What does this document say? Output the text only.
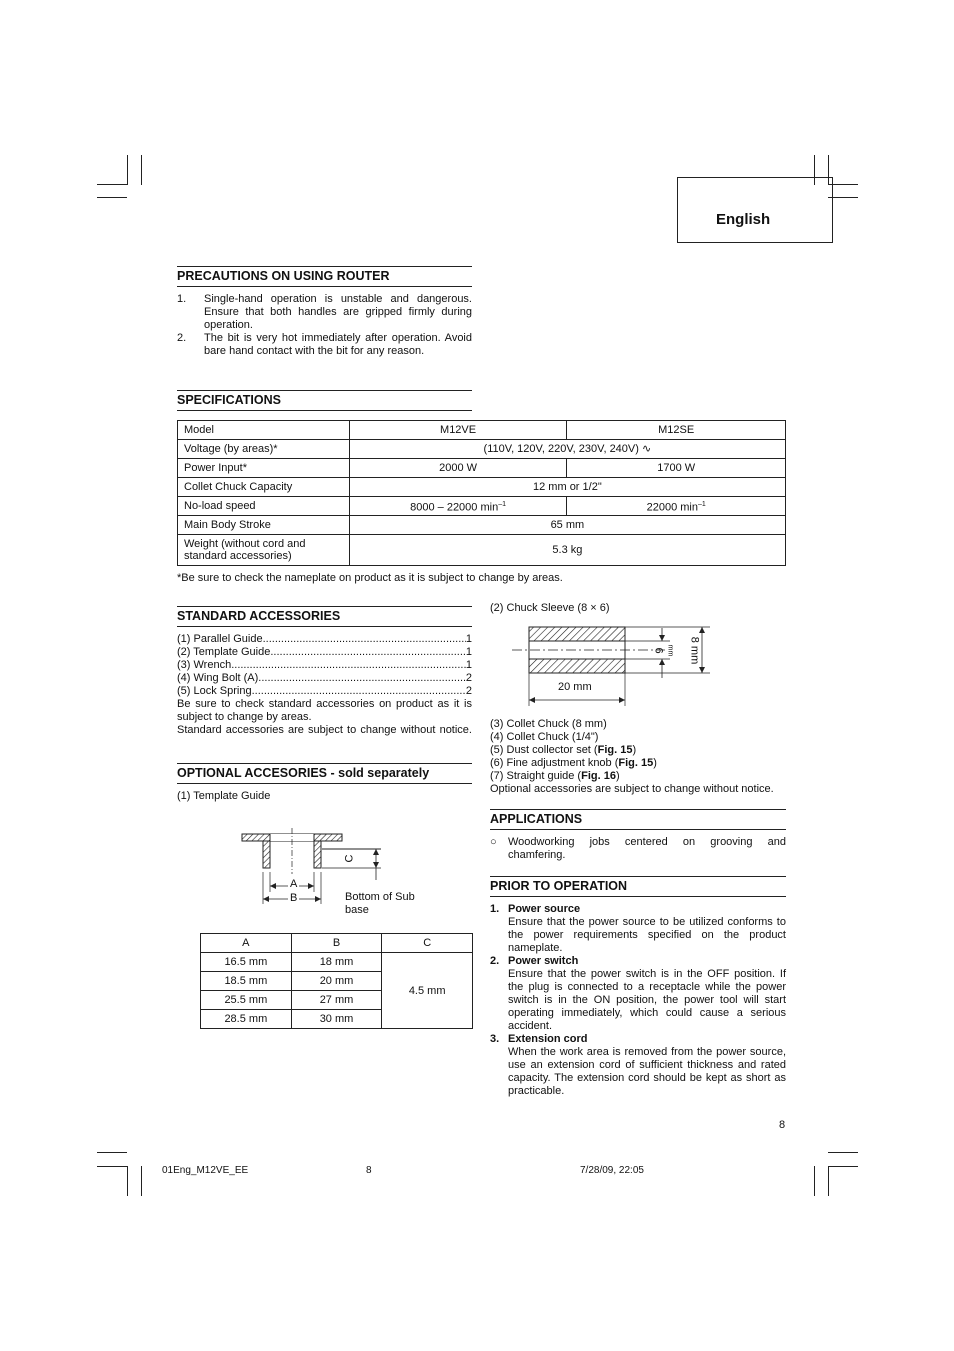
English
PRECAUTIONS ON USING ROUTER
1. Single-hand operation is unstable and dangerous. Ensure that both handles are gripped firmly during operation.
2. The bit is very hot immediately after operation. Avoid bare hand contact with the bit for any reason.
SPECIFICATIONS
Model	M12VE	M12SE
Voltage (by areas)*	(110V, 120V, 220V, 230V, 240V) ∿	
Power Input*	2000 W	1700 W
Collet Chuck Capacity	12 mm or 1/2"	
No-load speed	8000 – 22000 $\min^{-1}$	22000 $\min^{-1}$
Main Body Stroke	65 mm	
Weight (without cord and standard accessories)	5.3 kg	
*Be sure to check the nameplate on product as it is subject to change by areas.
STANDARD ACCESSORIES
(1) Parallel Guide .....	1
(2) Template Guide .....	1
(3) Wrench .....	1
(4) Wing Bolt (A) .....	2
(5) Lock Spring .....	2
Be sure to check standard accessories on product as it is subject to change by areas.
Standard accessories are subject to change without notice.
OPTIONAL ACCESORIES - sold separately
(1) Template Guide
A
B
C
Bottom of Sub base
A	B	C
16.5 mm	18 mm	4.5 mm
18.5 mm	20 mm	
25.5 mm	27 mm	
28.5 mm	30 mm	
(2) Chuck Sleeve (8 × 6)
20 mm
6 mm 8 mm
(3) Collet Chuck (8 mm)
(4) Collet Chuck (1/4")
(5) Dust collector set (Fig. 15)
(6) Fine adjustment knob (Fig. 15)
(7) Straight guide (Fig. 16)
Optional accessories are subject to change without notice.
APPLICATIONS
○ Woodworking jobs centered on grooving and chamfering.
PRIOR TO OPERATION
1. Power source
Ensure that the power source to be utilized conforms to the power requirements specified on the product nameplate.
2. Power switch
Ensure that the power switch is in the OFF position. If the plug is connected to a receptacle while the power switch is in the ON position, the power tool will start operating immediately, which could cause a serious accident.
3. Extension cord
When the work area is removed from the power source, use an extension cord of sufficient thickness and rated capacity. The extension cord should be kept as short as practicable.
8
01Eng_M12VE_EE	8	7/28/09, 22:05
